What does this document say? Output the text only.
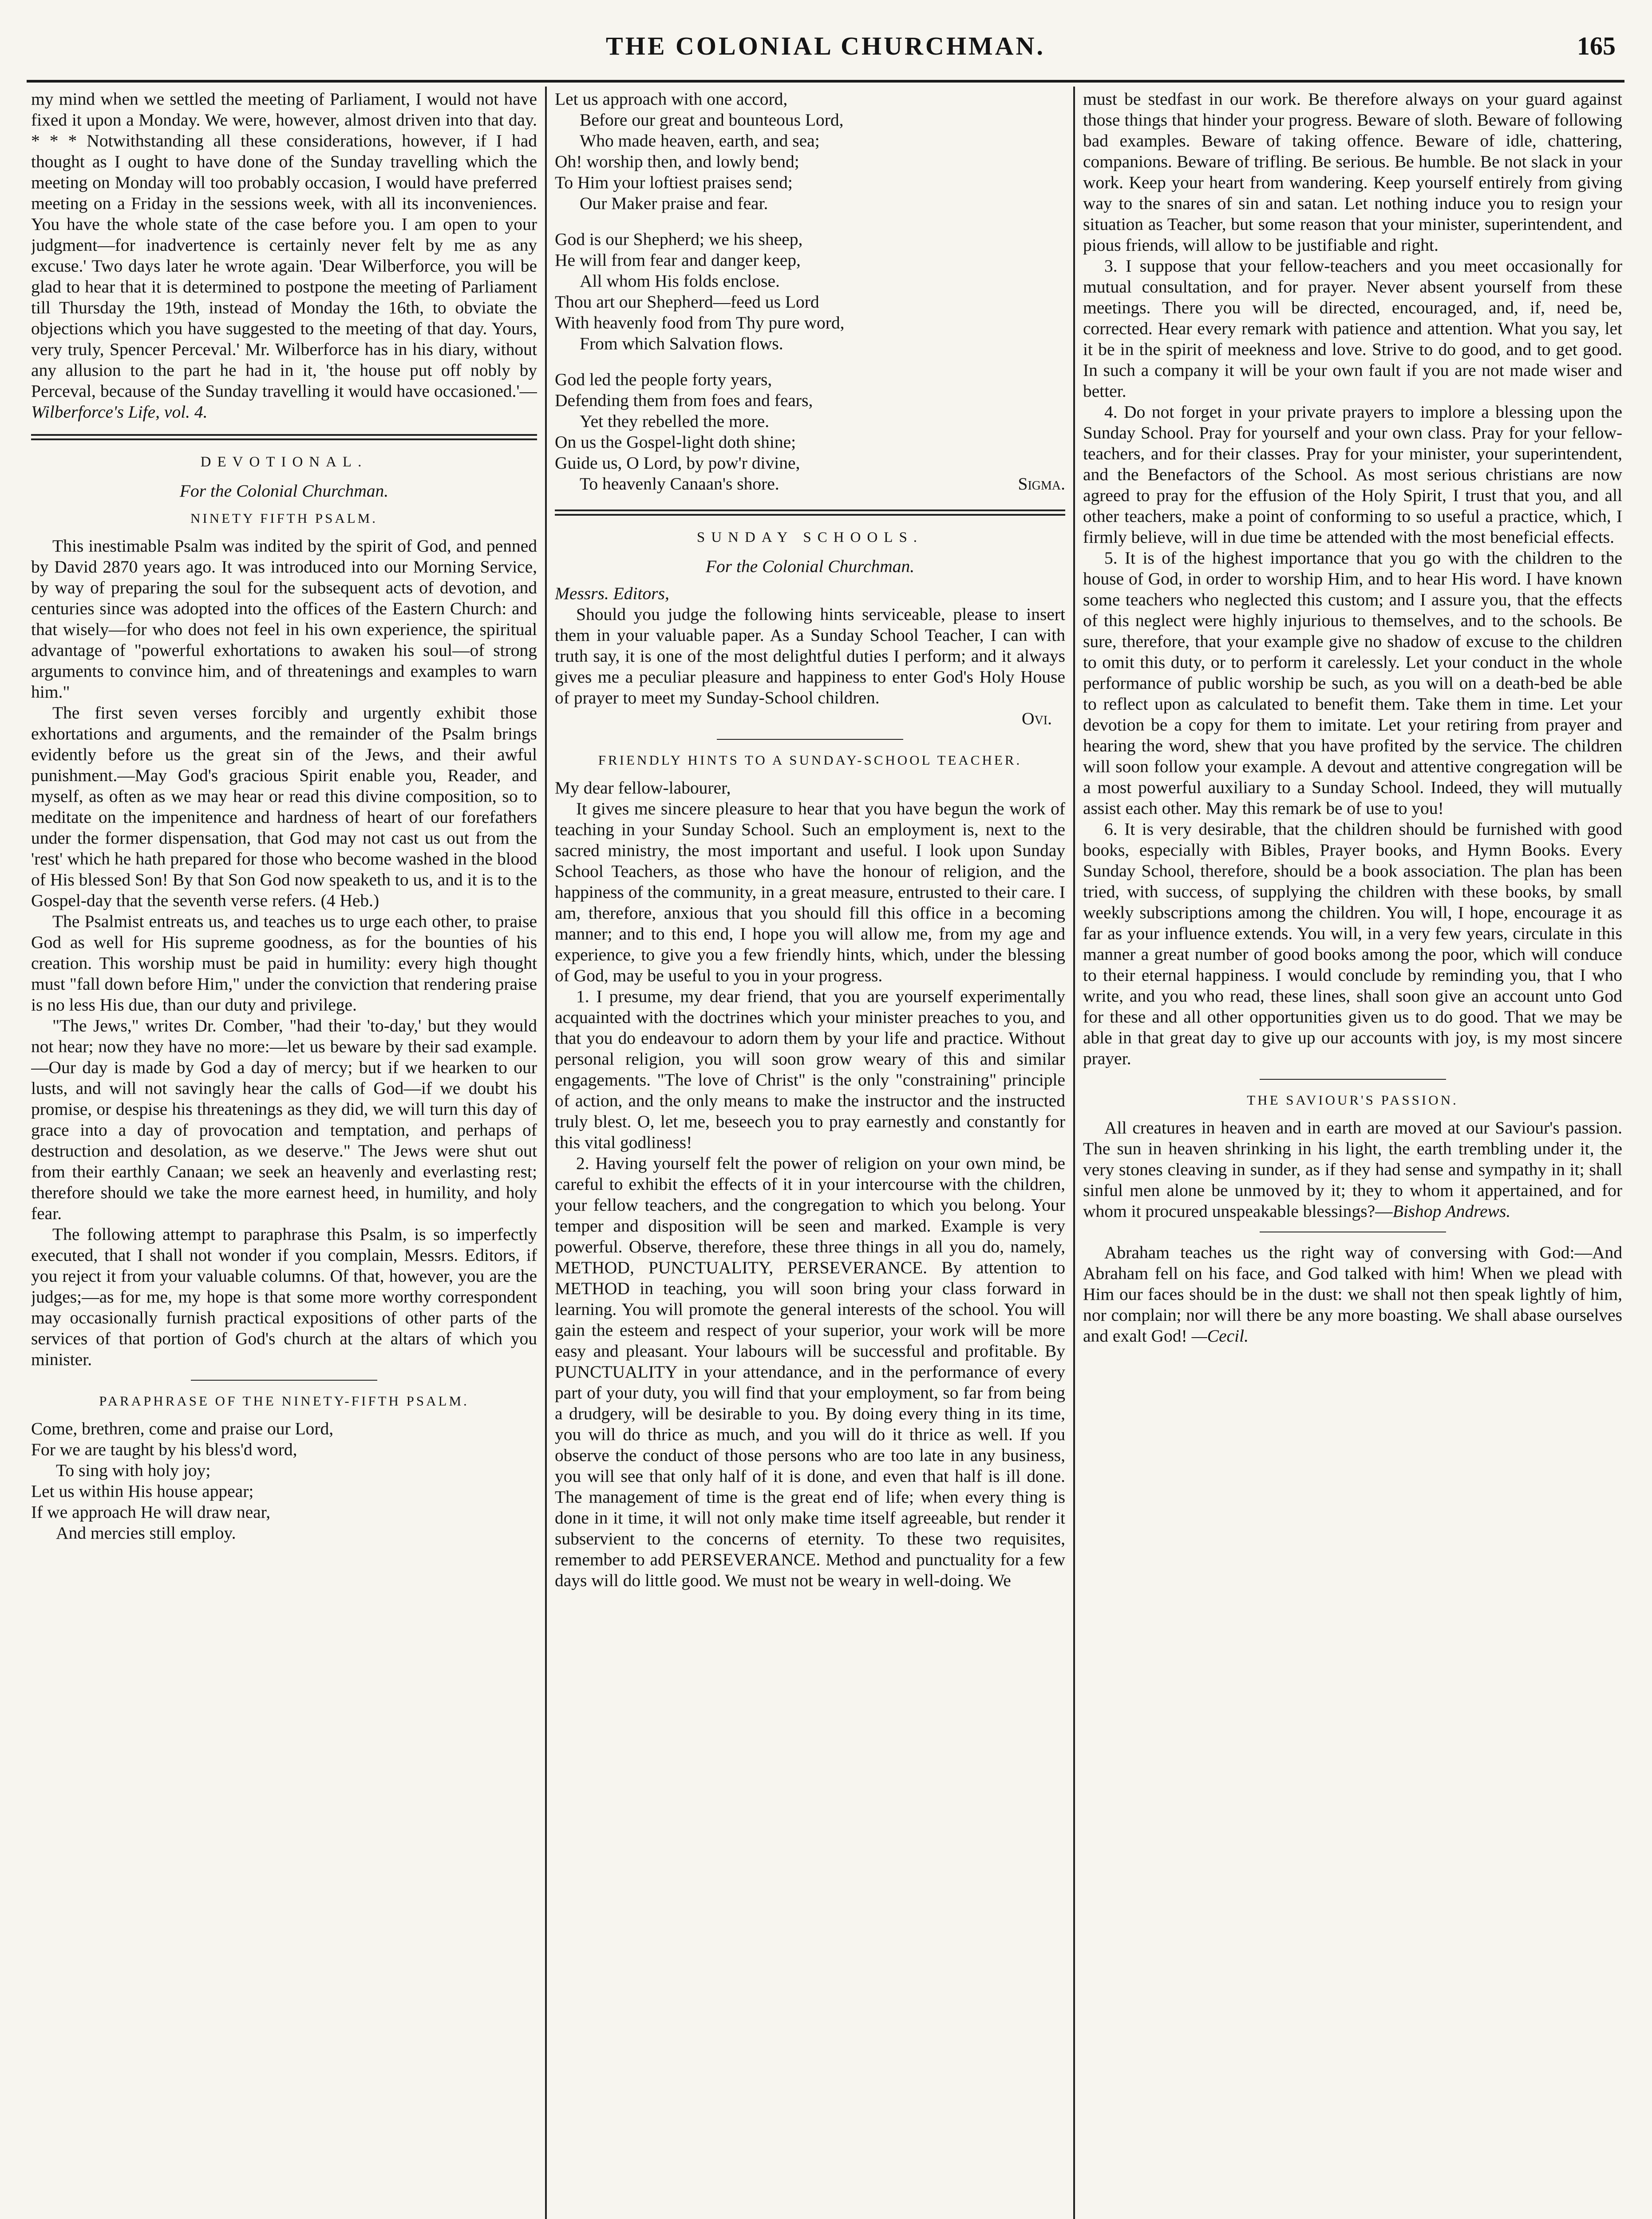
THE COLONIAL CHURCHMAN.	165

my mind when we settled the meeting of Parliament, I would not have fixed it upon a Monday. We were, however, almost driven into that day. * * * Notwithstanding all these considerations, however, if I had thought as I ought to have done of the Sunday travelling which the meeting on Monday will too probably occasion, I would have preferred meeting on a Friday in the sessions week, with all its inconveniences. You have the whole state of the case before you. I am open to your judgment—for inadvertence is certainly never felt by me as any excuse.' Two days later he wrote again. 'Dear Wilberforce, you will be glad to hear that it is determined to postpone the meeting of Parliament till Thursday the 19th, instead of Monday the 16th, to obviate the objections which you have suggested to the meeting of that day. Yours, very truly, Spencer Perceval.' Mr. Wilberforce has in his diary, without any allusion to the part he had in it, 'the house put off nobly by Perceval, because of the Sunday travelling it would have occasioned.'—Wilberforce's Life, vol. 4.

DEVOTIONAL.
For the Colonial Churchman.
NINETY FIFTH PSALM.

This inestimable Psalm was indited by the spirit of God, and penned by David 2870 years ago. It was introduced into our Morning Service, by way of preparing the soul for the subsequent acts of devotion, and centuries since was adopted into the offices of the Eastern Church: and that wisely—for who does not feel in his own experience, the spiritual advantage of "powerful exhortations to awaken his soul—of strong arguments to convince him, and of threatenings and examples to warn him."

The first seven verses forcibly and urgently exhibit those exhortations and arguments, and the remainder of the Psalm brings evidently before us the great sin of the Jews, and their awful punishment.—May God's gracious Spirit enable you, Reader, and myself, as often as we may hear or read this divine composition, so to meditate on the impenitence and hardness of heart of our forefathers under the former dispensation, that God may not cast us out from the 'rest' which he hath prepared for those who become washed in the blood of His blessed Son! By that Son God now speaketh to us, and it is to the Gospel-day that the seventh verse refers. (4 Heb.)

The Psalmist entreats us, and teaches us to urge each other, to praise God as well for His supreme goodness, as for the bounties of his creation. This worship must be paid in humility: every high thought must "fall down before Him," under the conviction that rendering praise is no less His due, than our duty and privilege.

"The Jews," writes Dr. Comber, "had their 'to-day,' but they would not hear; now they have no more:—let us beware by their sad example.—Our day is made by God a day of mercy; but if we hearken to our lusts, and will not savingly hear the calls of God—if we doubt his promise, or despise his threatenings as they did, we will turn this day of grace into a day of provocation and temptation, and perhaps of destruction and desolation, as we deserve." The Jews were shut out from their earthly Canaan; we seek an heavenly and everlasting rest; therefore should we take the more earnest heed, in humility, and holy fear.

The following attempt to paraphrase this Psalm, is so imperfectly executed, that I shall not wonder if you complain, Messrs. Editors, if you reject it from your valuable columns. Of that, however, you are the judges;—as for me, my hope is that some more worthy correspondent may occasionally furnish practical expositions of other parts of the services of that portion of God's church at the altars of which you minister.

PARAPHRASE OF THE NINETY-FIFTH PSALM.
Come, brethren, come and praise our Lord,
For we are taught by his bless'd word,
To sing with holy joy;
Let us within His house appear;
If we approach He will draw near,
And mercies still employ.
Let us approach with one accord,
Before our great and bounteous Lord,
Who made heaven, earth, and sea;
Oh! worship then, and lowly bend;
To Him your loftiest praises send;
Our Maker praise and fear.
God is our Shepherd; we his sheep,
He will from fear and danger keep,
All whom His folds enclose.
Thou art our Shepherd—feed us Lord
With heavenly food from Thy pure word,
From which Salvation flows.
God led the people forty years,
Defending them from foes and fears,
Yet they rebelled the more.
On us the Gospel-light doth shine;
Guide us, O Lord, by pow'r divine,
To heavenly Canaan's shore.	Sigma.
SUNDAY SCHOOLS.
For the Colonial Churchman.

Messrs. Editors,

Should you judge the following hints serviceable, please to insert them in your valuable paper. As a Sunday School Teacher, I can with truth say, it is one of the most delightful duties I perform; and it always gives me a peculiar pleasure and happiness to enter God's Holy House of prayer to meet my Sunday-School children.

Ovi.
FRIENDLY HINTS TO A SUNDAY-SCHOOL TEACHER.

My dear fellow-labourer,

It gives me sincere pleasure to hear that you have begun the work of teaching in your Sunday School. Such an employment is, next to the sacred ministry, the most important and useful. I look upon Sunday School Teachers, as those who have the honour of religion, and the happiness of the community, in a great measure, entrusted to their care. I am, therefore, anxious that you should fill this office in a becoming manner; and to this end, I hope you will allow me, from my age and experience, to give you a few friendly hints, which, under the blessing of God, may be useful to you in your progress.

1. I presume, my dear friend, that you are yourself experimentally acquainted with the doctrines which your minister preaches to you, and that you do endeavour to adorn them by your life and practice. Without personal religion, you will soon grow weary of this and similar engagements. "The love of Christ" is the only "constraining" principle of action, and the only means to make the instructor and the instructed truly blest. O, let me, beseech you to pray earnestly and constantly for this vital godliness!

2. Having yourself felt the power of religion on your own mind, be careful to exhibit the effects of it in your intercourse with the children, your fellow teachers, and the congregation to which you belong. Your temper and disposition will be seen and marked. Example is very powerful. Observe, therefore, these three things in all you do, namely, METHOD, PUNCTUALITY, PERSEVERANCE. By attention to METHOD in teaching, you will soon bring your class forward in learning. You will promote the general interests of the school. You will gain the esteem and respect of your superior, your work will be more easy and pleasant. Your labours will be successful and profitable. By PUNCTUALITY in your attendance, and in the performance of every part of your duty, you will find that your employment, so far from being a drudgery, will be desirable to you. By doing every thing in its time, you will do thrice as much, and you will do it thrice as well. If you observe the conduct of those persons who are too late in any business, you will see that only half of it is done, and even that half is ill done. The management of time is the great end of life; when every thing is done in it time, it will not only make time itself agreeable, but render it subservient to the concerns of eternity. To these two requisites, remember to add PERSEVERANCE. Method and punctuality for a few days will do little good. We must not be weary in well-doing. We

must be stedfast in our work. Be therefore always on your guard against those things that hinder your progress. Beware of sloth. Beware of following bad examples. Beware of taking offence. Beware of idle, chattering, companions. Beware of trifling. Be serious. Be humble. Be not slack in your work. Keep your heart from wandering. Keep yourself entirely from giving way to the snares of sin and satan. Let nothing induce you to resign your situation as Teacher, but some reason that your minister, superintendent, and pious friends, will allow to be justifiable and right.

3. I suppose that your fellow-teachers and you meet occasionally for mutual consultation, and for prayer. Never absent yourself from these meetings. There you will be directed, encouraged, and, if, need be, corrected. Hear every remark with patience and attention. What you say, let it be in the spirit of meekness and love. Strive to do good, and to get good. In such a company it will be your own fault if you are not made wiser and better.

4. Do not forget in your private prayers to implore a blessing upon the Sunday School. Pray for yourself and your own class. Pray for your fellow-teachers, and for their classes. Pray for your minister, your superintendent, and the Benefactors of the School. As most serious christians are now agreed to pray for the effusion of the Holy Spirit, I trust that you, and all other teachers, make a point of conforming to so useful a practice, which, I firmly believe, will in due time be attended with the most beneficial effects.

5. It is of the highest importance that you go with the children to the house of God, in order to worship Him, and to hear His word. I have known some teachers who neglected this custom; and I assure you, that the effects of this neglect were highly injurious to themselves, and to the schools. Be sure, therefore, that your example give no shadow of excuse to the children to omit this duty, or to perform it carelessly. Let your conduct in the whole performance of public worship be such, as you will on a death-bed be able to reflect upon as calculated to benefit them. Take them in time. Let your devotion be a copy for them to imitate. Let your retiring from prayer and hearing the word, shew that you have profited by the service. The children will soon follow your example. A devout and attentive congregation will be a most powerful auxiliary to a Sunday School. Indeed, they will mutually assist each other. May this remark be of use to you!

6. It is very desirable, that the children should be furnished with good books, especially with Bibles, Prayer books, and Hymn Books. Every Sunday School, therefore, should be a book association. The plan has been tried, with success, of supplying the children with these books, by small weekly subscriptions among the children. You will, I hope, encourage it as far as your influence extends. You will, in a very few years, circulate in this manner a great number of good books among the poor, which will conduce to their eternal happiness. I would conclude by reminding you, that I who write, and you who read, these lines, shall soon give an account unto God for these and all other opportunities given us to do good. That we may be able in that great day to give up our accounts with joy, is my most sincere prayer.

THE SAVIOUR'S PASSION.

All creatures in heaven and in earth are moved at our Saviour's passion. The sun in heaven shrinking in his light, the earth trembling under it, the very stones cleaving in sunder, as if they had sense and sympathy in it; shall sinful men alone be unmoved by it; they to whom it appertained, and for whom it procured unspeakable blessings?—Bishop Andrews.

Abraham teaches us the right way of conversing with God:—And Abraham fell on his face, and God talked with him! When we plead with Him our faces should be in the dust: we shall not then speak lightly of him, nor complain; nor will there be any more boasting. We shall abase ourselves and exalt God! —Cecil.
